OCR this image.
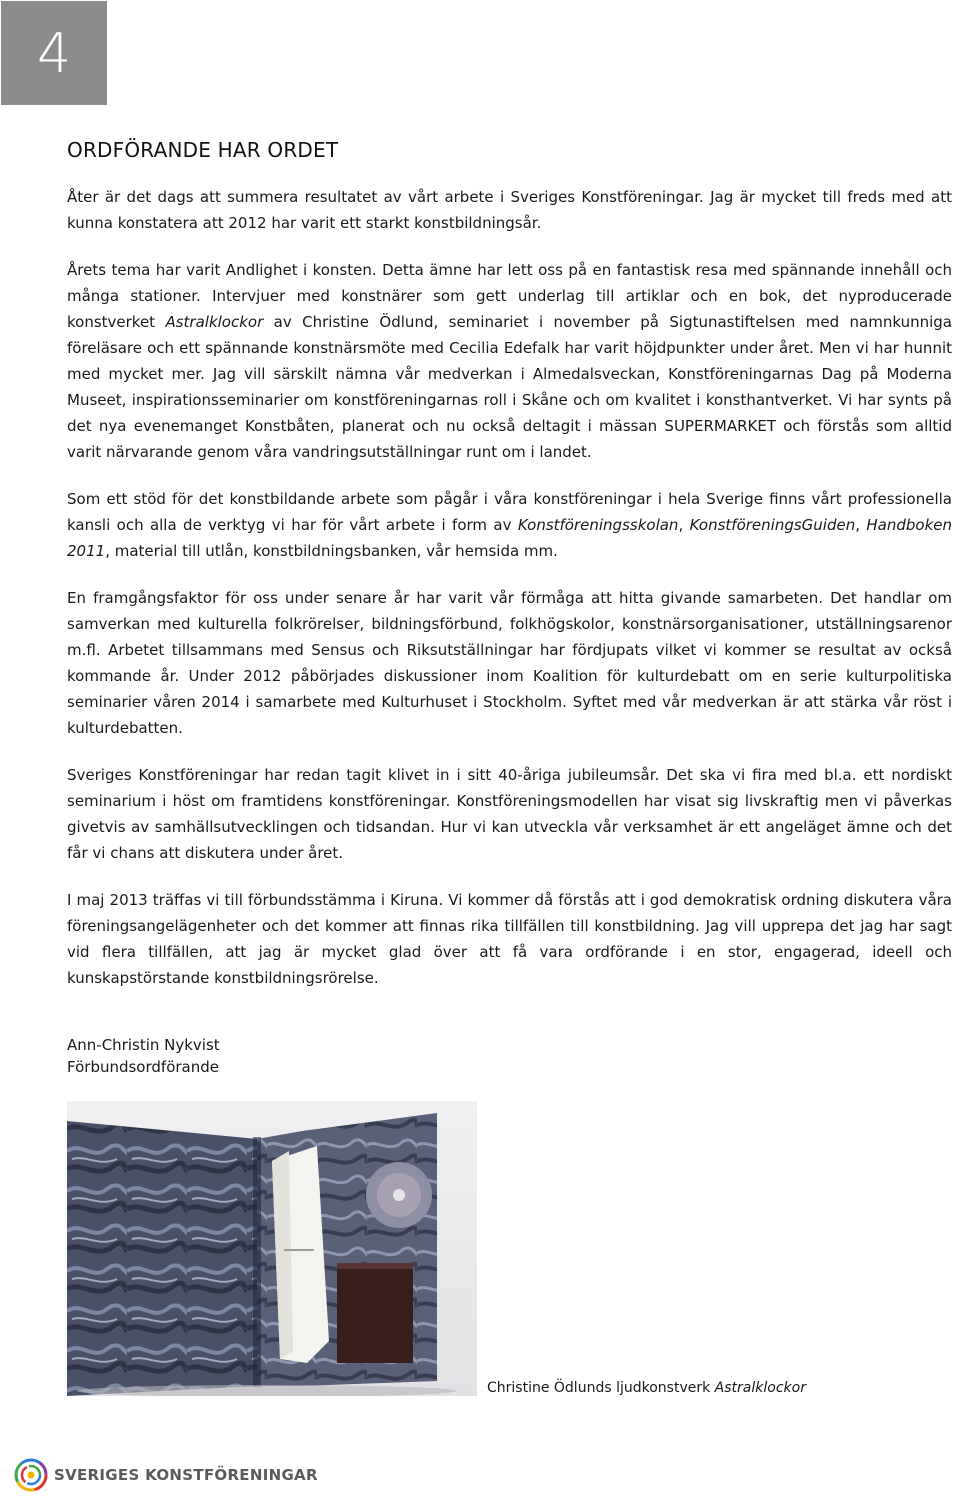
4
ORDFÖRANDE HAR ORDET

Åter är det dags att summera resultatet av vårt arbete i Sveriges Konstföreningar. Jag är mycket till freds med att kunna konstatera att 2012 har varit ett starkt konstbildningsår.

Årets tema har varit Andlighet i konsten. Detta ämne har lett oss på en fantastisk resa med spännande innehåll och många stationer. Intervjuer med konstnärer som gett underlag till artiklar och en bok, det nyproducerade konstverket Astralklockor av Christine Ödlund, seminariet i november på Sigtunastiftelsen med namnkunniga föreläsare och ett spännande konstnärsmöte med Cecilia Edefalk har varit höjdpunkter under året. Men vi har hunnit med mycket mer. Jag vill särskilt nämna vår medverkan i Almedalsveckan, Konstföreningarnas Dag på Moderna Museet, inspirationsseminarier om konstföreningarnas roll i Skåne och om kvalitet i konsthantverket. Vi har synts på det nya evenemanget Konstbåten, planerat och nu också deltagit i mässan SUPERMARKET och förstås som alltid varit närvarande genom våra vandringsutställningar runt om i landet.

Som ett stöd för det konstbildande arbete som pågår i våra konstföreningar i hela Sverige finns vårt professionella kansli och alla de verktyg vi har för vårt arbete i form av Konstföreningsskolan, KonstföreningsGuiden, Handboken 2011, material till utlån, konstbildningsbanken, vår hemsida mm.

En framgångsfaktor för oss under senare år har varit vår förmåga att hitta givande samarbeten. Det handlar om samverkan med kulturella folkrörelser, bildningsförbund, folkhögskolor, konstnärsorganisationer, utställningsarenor m.fl. Arbetet tillsammans med Sensus och Riksutställningar har fördjupats vilket vi kommer se resultat av också kommande år. Under 2012 påbörjades diskussioner inom Koalition för kulturdebatt om en serie kulturpolitiska seminarier våren 2014 i samarbete med Kulturhuset i Stockholm. Syftet med vår medverkan är att stärka vår röst i kulturdebatten.

Sveriges Konstföreningar har redan tagit klivet in i sitt 40-åriga jubileumsår. Det ska vi fira med bl.a. ett nordiskt seminarium i höst om framtidens konstföreningar. Konstföreningsmodellen har visat sig livskraftig men vi påverkas givetvis av samhällsutvecklingen och tidsandan. Hur vi kan utveckla vår verksamhet är ett angeläget ämne och det får vi chans att diskutera under året.

I maj 2013 träffas vi till förbundsstämma i Kiruna. Vi kommer då förstås att i god demokratisk ordning diskutera våra föreningsangelägenheter och det kommer att finnas rika tillfällen till konstbildning. Jag vill upprepa det jag har sagt vid flera tillfällen, att jag är mycket glad över att få vara ordförande i en stor, engagerad, ideell och kunskapstörstande konstbildningsrörelse.

Ann-Christin Nykvist
Förbundsordförande
Christine Ödlunds ljudkonstverk Astralklockor
SVERIGES KONSTFÖRENINGAR
